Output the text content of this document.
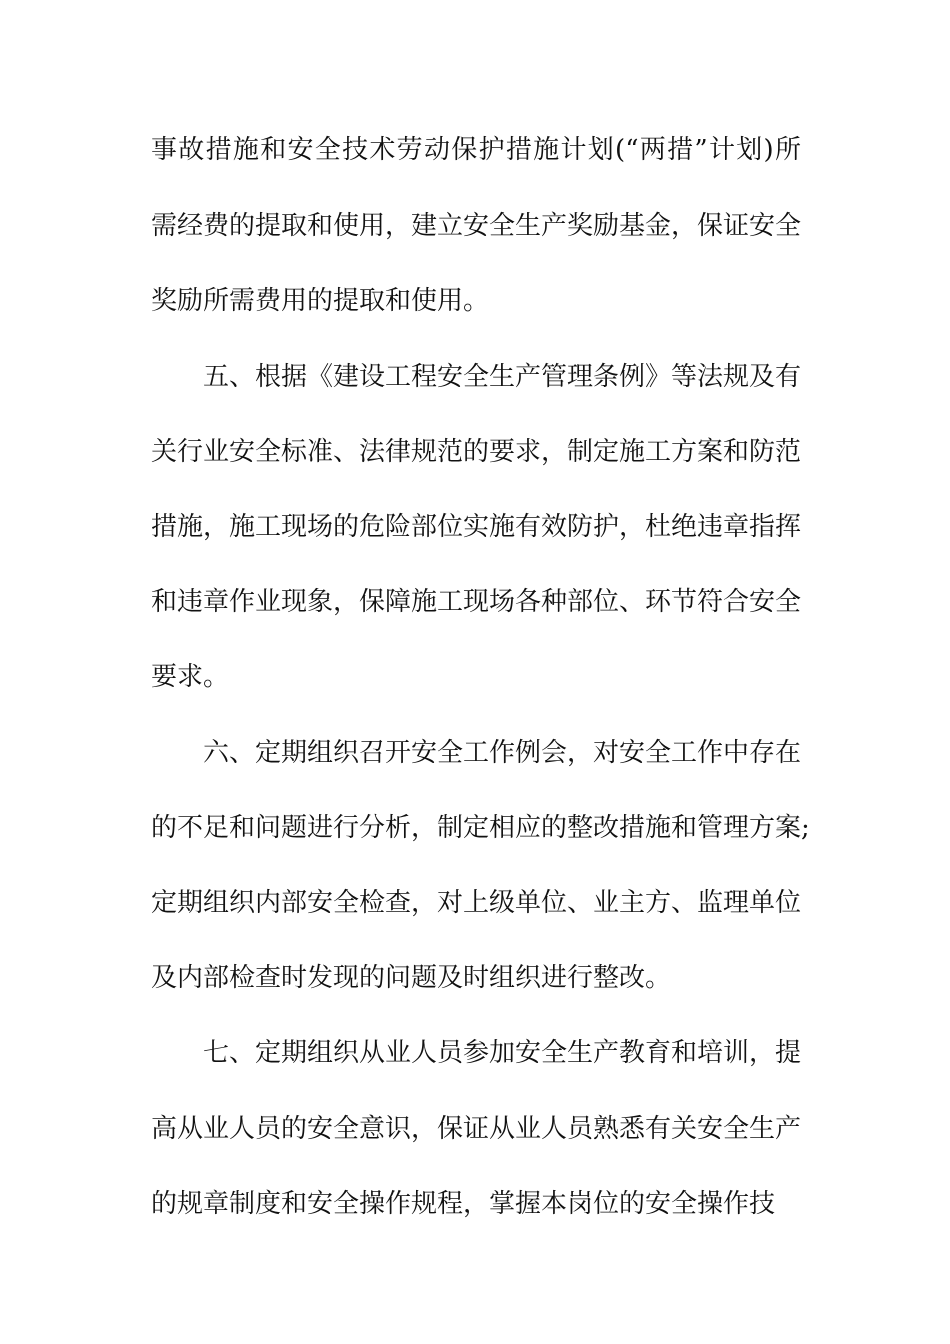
事故措施和安全技术劳动保护措施计划(“两措”计划)所
需经费的提取和使用，建立安全生产奖励基金，保证安全
奖励所需费用的提取和使用。
五、根据《建设工程安全生产管理条例》等法规及有
关行业安全标准、法律规范的要求，制定施工方案和防范
措施，施工现场的危险部位实施有效防护，杜绝违章指挥
和违章作业现象，保障施工现场各种部位、环节符合安全
要求。
六、定期组织召开安全工作例会，对安全工作中存在
的不足和问题进行分析，制定相应的整改措施和管理方案;
定期组织内部安全检查，对上级单位、业主方、监理单位
及内部检查时发现的问题及时组织进行整改。
七、定期组织从业人员参加安全生产教育和培训，提
高从业人员的安全意识，保证从业人员熟悉有关安全生产
的规章制度和安全操作规程，掌握本岗位的安全操作技
